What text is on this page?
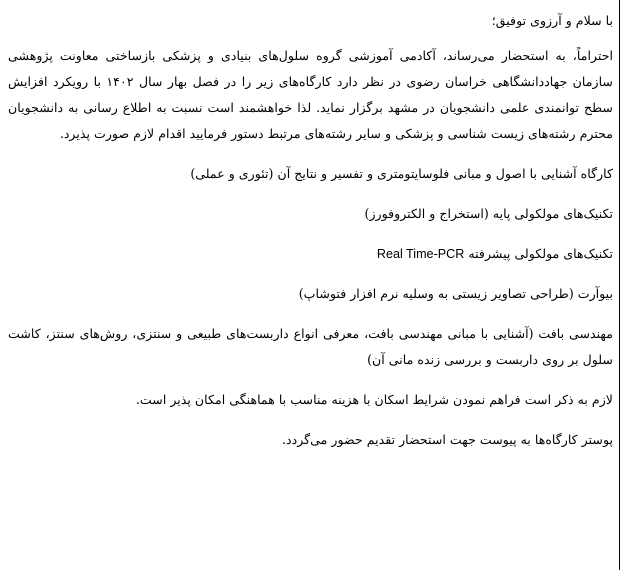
با سلام و آرزوی توفیق؛

احتراماً، به استحضار می‌رساند، آکادمی آموزشی گروه سلول‌های بنیادی و پزشکی بازساختی معاونت پژوهشی سازمان جهاددانشگاهی خراسان رضوی در نظر دارد کارگاه‌های زیر را در فصل بهار سال ۱۴۰۲ با رویکرد افزایش سطح توانمندی علمی دانشجویان در مشهد برگزار نماید. لذا خواهشمند است نسبت به اطلاع رسانی به دانشجویان محترم رشته‌های زیست شناسی و پزشکی و سایر رشته‌های مرتبط دستور فرمایید اقدام لازم صورت پذیرد.

کارگاه آشنایی با اصول و مبانی فلوسایتومتری و تفسیر و نتایج آن (تئوری و عملی)

تکنیک‌های مولکولی پایه (استخراج و الکتروفورز)

تکنیک‌های مولکولی پیشرفته Real Time-PCR

بیوآرت (طراحی تصاویر زیستی به وسلیه نرم افزار فتوشاپ)

مهندسی بافت (آشنایی با مبانی مهندسی بافت، معرفی انواع داربست‌های طبیعی و سنتزی، روش‌های سنتز، کاشت سلول بر روی داربست و بررسی زنده مانی آن)

لازم به ذکر است فراهم نمودن شرایط اسکان با هزینه مناسب با هماهنگی امکان پذیر است.

پوستر کارگاه‌ها به پیوست جهت استحضار تقدیم حضور می‌گردد.
